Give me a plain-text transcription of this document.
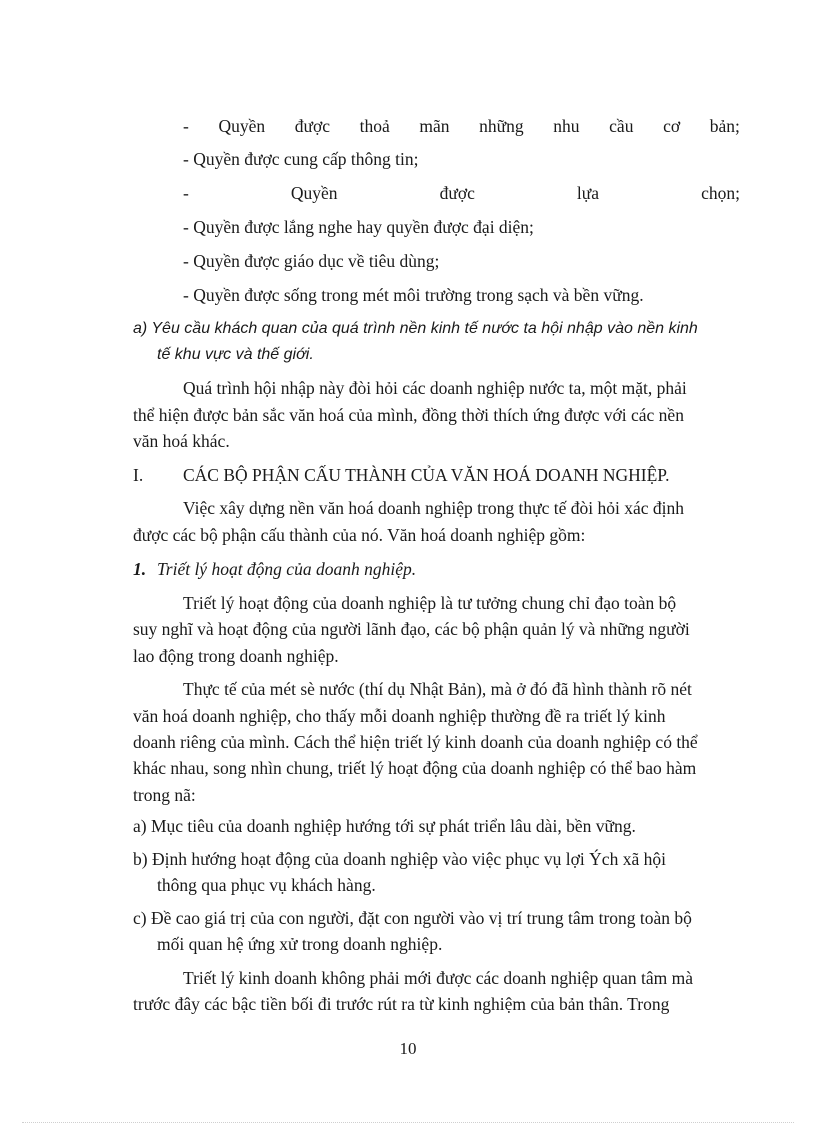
- Quyền được thoả mãn những nhu cầu cơ bản;
- Quyền được cung cấp thông tin;
-	Quyền	được	lựa	chọn;
- Quyền được lắng nghe hay quyền được đại diện;
- Quyền được giáo dục về tiêu dùng;
- Quyền được sống trong mét môi trường trong sạch và bền vững.
a) Yêu cầu khách quan của quá trình nền kinh tế nước ta hội nhập vào nền kinh
tế khu vực và thế giới.
Quá trình hội nhập này đòi hỏi các doanh nghiệp nước ta, một mặt, phải
thể hiện được bản sắc văn hoá của mình, đồng thời thích ứng được với các nền
văn hoá khác.
I. CÁC BỘ PHẬN CẤU THÀNH CỦA VĂN HOÁ DOANH NGHIỆP.
Việc xây dựng nền văn hoá doanh nghiệp trong thực tế đòi hỏi xác định
được các bộ phận cấu thành của nó. Văn hoá doanh nghiệp gồm:
1. Triết lý hoạt động của doanh nghiệp.
Triết lý hoạt động của doanh nghiệp là tư tưởng chung chỉ đạo toàn bộ
suy nghĩ và hoạt động của người lãnh đạo, các bộ phận quản lý và những người
lao động trong doanh nghiệp.
Thực tế của mét sè nước (thí dụ Nhật Bản), mà ở đó đã hình thành rõ nét
văn hoá doanh nghiệp, cho thấy mỗi doanh nghiệp thường đề ra triết lý kinh
doanh riêng của mình. Cách thể hiện triết lý kinh doanh của doanh nghiệp có thể
khác nhau, song nhìn chung, triết lý hoạt động của doanh nghiệp có thể bao hàm
trong nã:
a) Mục tiêu của doanh nghiệp hướng tới sự phát triển lâu dài, bền vững.
b) Định hướng hoạt động của doanh nghiệp vào việc phục vụ lợi Ých xã hội
thông qua phục vụ khách hàng.
c) Đề cao giá trị của con người, đặt con người vào vị trí trung tâm trong toàn bộ
mối quan hệ ứng xử trong doanh nghiệp.
Triết lý kinh doanh không phải mới được các doanh nghiệp quan tâm mà
trước đây các bậc tiền bối đi trước rút ra từ kinh nghiệm của bản thân. Trong
10
